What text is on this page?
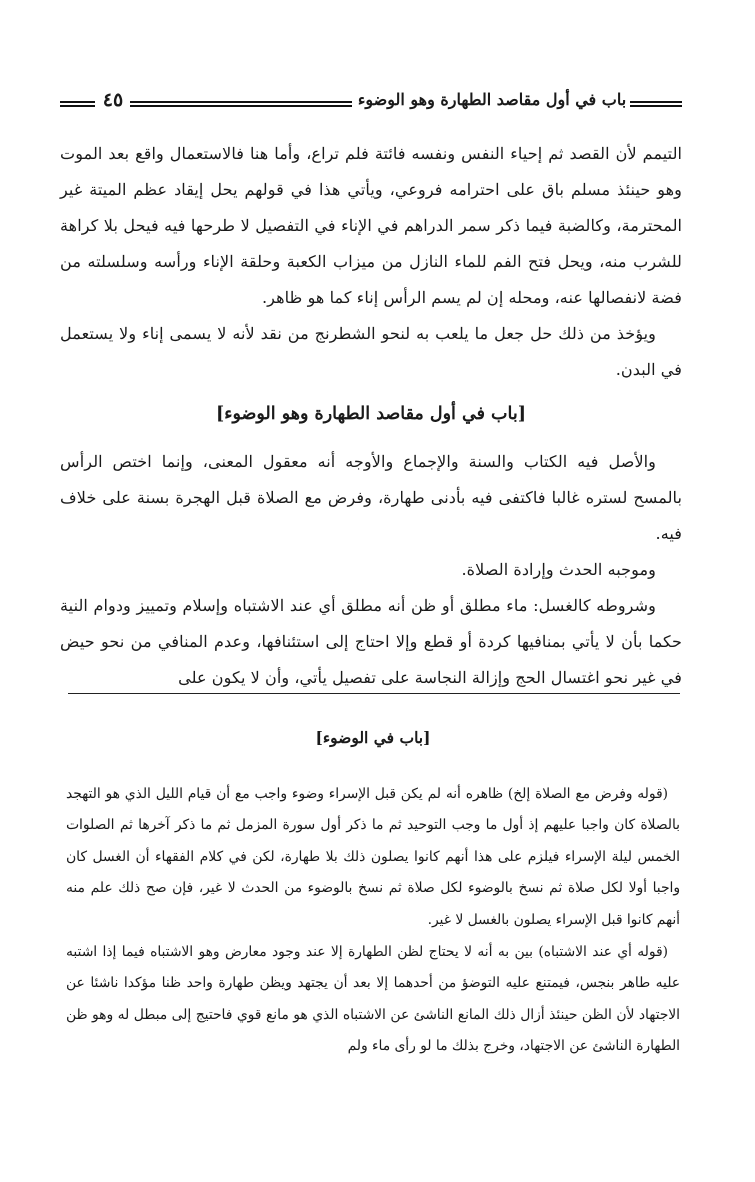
٤٥	باب في أول مقاصد الطهارة وهو الوضوء

التيمم لأن القصد ثم إحياء النفس ونفسه فائتة فلم تراع، وأما هنا فالاستعمال واقع بعد الموت وهو حينئذ مسلم باق على احترامه فروعي، ويأتي هذا في قولهم يحل إيقاد عظم الميتة غير المحترمة، وكالضبة فيما ذكر سمر الدراهم في الإناء في التفصيل لا طرحها فيه فيحل بلا كراهة للشرب منه، ويحل فتح الفم للماء النازل من ميزاب الكعبة وحلقة الإناء ورأسه وسلسلته من فضة لانفصالها عنه، ومحله إن لم يسم الرأس إناء كما هو ظاهر.

ويؤخذ من ذلك حل جعل ما يلعب به لنحو الشطرنج من نقد لأنه لا يسمى إناء ولا يستعمل في البدن.

[باب في أول مقاصد الطهارة وهو الوضوء]

والأصل فيه الكتاب والسنة والإجماع والأوجه أنه معقول المعنى، وإنما اختص الرأس بالمسح لستره غالبا فاكتفى فيه بأدنى طهارة، وفرض مع الصلاة قبل الهجرة بسنة على خلاف فيه.

وموجبه الحدث وإرادة الصلاة.

وشروطه كالغسل: ماء مطلق أو ظن أنه مطلق أي عند الاشتباه وإسلام وتمييز ودوام النية حكما بأن لا يأتي بمنافيها كردة أو قطع وإلا احتاج إلى استئنافها، وعدم المنافي من نحو حيض في غير نحو اغتسال الحج وإزالة النجاسة على تفصيل يأتي، وأن لا يكون على

[باب في الوضوء]

(قوله وفرض مع الصلاة إلخ) ظاهره أنه لم يكن قبل الإسراء وضوء واجب مع أن قيام الليل الذي هو التهجد بالصلاة كان واجبا عليهم إذ أول ما وجب التوحيد ثم ما ذكر أول سورة المزمل ثم ما ذكر آخرها ثم الصلوات الخمس ليلة الإسراء فيلزم على هذا أنهم كانوا يصلون ذلك بلا طهارة، لكن في كلام الفقهاء أن الغسل كان واجبا أولا لكل صلاة ثم نسخ بالوضوء لكل صلاة ثم نسخ بالوضوء من الحدث لا غير، فإن صح ذلك علم منه أنهم كانوا قبل الإسراء يصلون بالغسل لا غير.

(قوله أي عند الاشتباه) بين به أنه لا يحتاج لظن الطهارة إلا عند وجود معارض وهو الاشتباه فيما إذا اشتبه عليه طاهر بنجس، فيمتنع عليه التوضؤ من أحدهما إلا بعد أن يجتهد ويظن طهارة واحد ظنا مؤكدا ناشئا عن الاجتهاد لأن الظن حينئذ أزال ذلك المانع الناشئ عن الاشتباه الذي هو مانع قوي فاحتيج إلى مبطل له وهو ظن الطهارة الناشئ عن الاجتهاد، وخرج بذلك ما لو رأى ماء ولم
